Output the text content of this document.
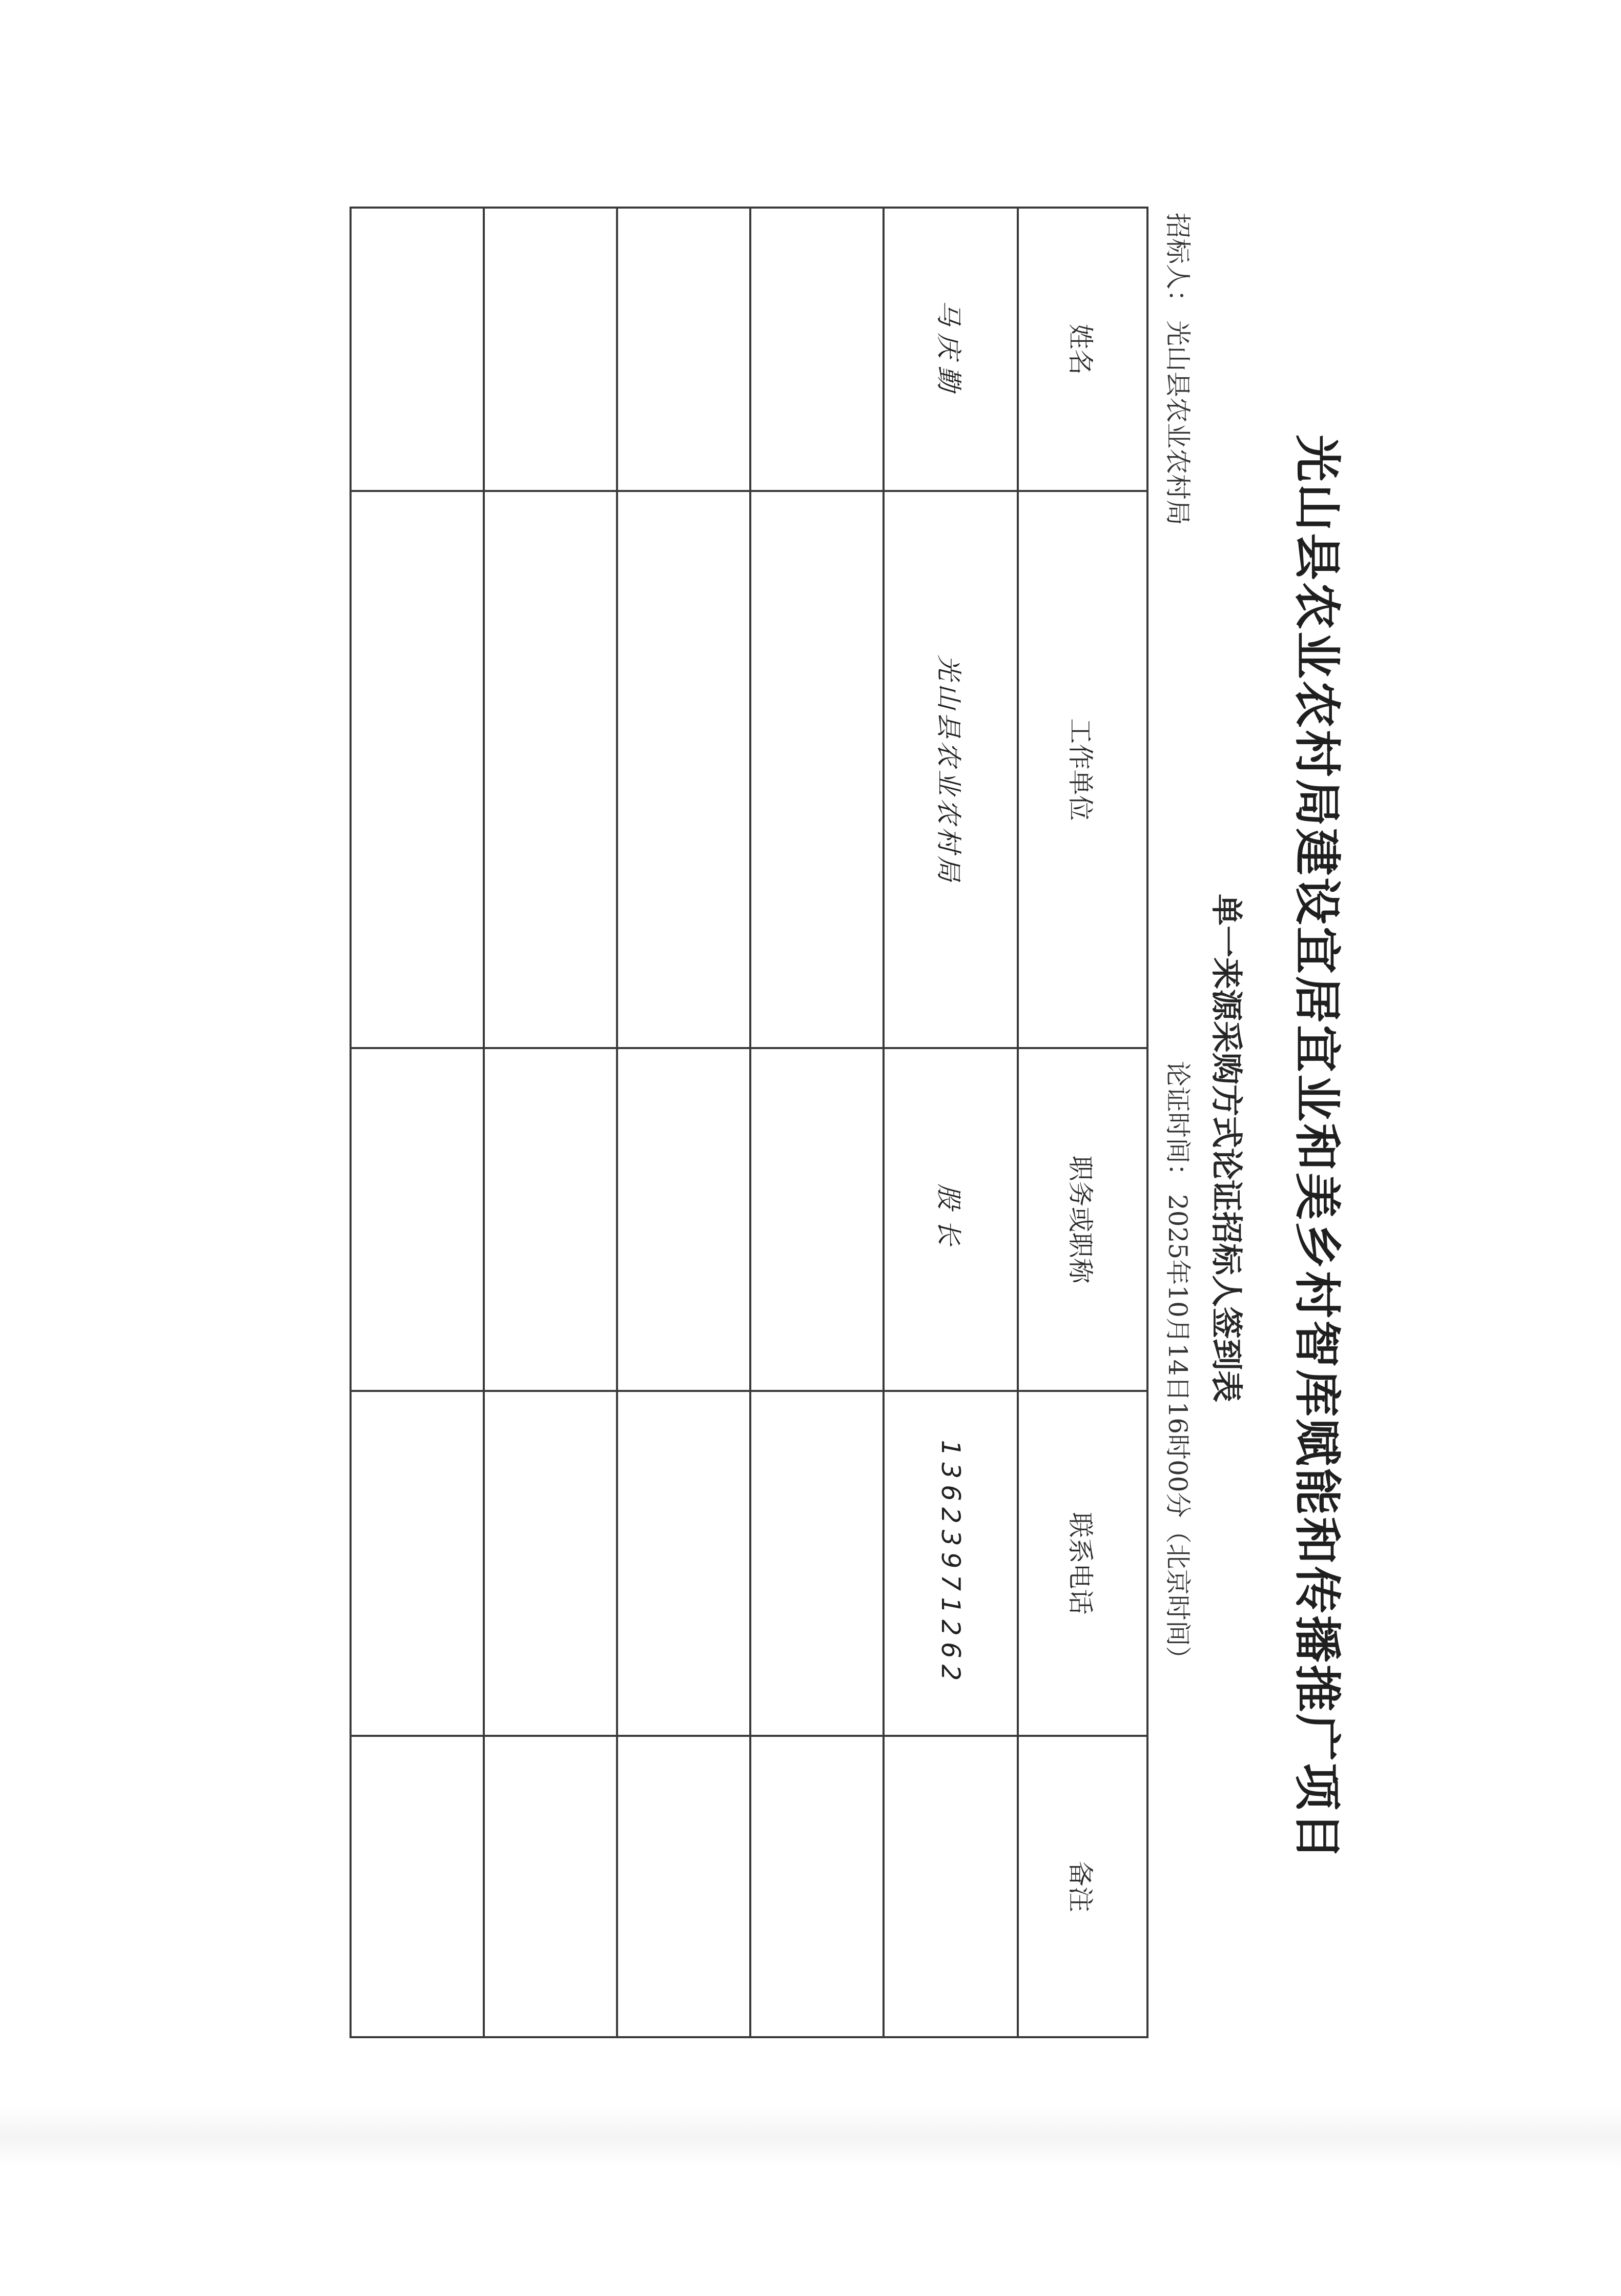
光山县农业农村局建设宜居宜业和美乡村智库赋能和传播推广项目
单一来源采购方式论证招标人签到表
招标人：光山县农业农村局
论证时间：2025年10月14日16时00分（北京时间）
姓名	工作单位	职务或职称	联系电话	备注
马庆勤	光山县农业农村局	股长	13623971262	
